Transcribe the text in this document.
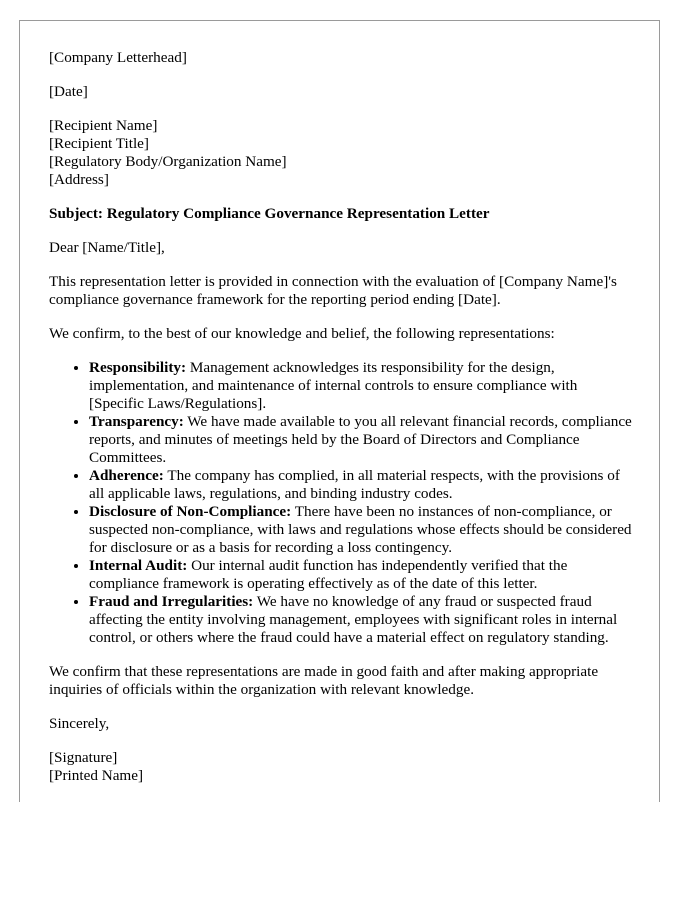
[Company Letterhead]

[Date]

[Recipient Name]

[Recipient Title]

[Regulatory Body/Organization Name]

[Address]

Subject: Regulatory Compliance Governance Representation Letter

Dear [Name/Title],

This representation letter is provided in connection with the evaluation of [Company Name]'s compliance governance framework for the reporting period ending [Date].

We confirm, to the best of our knowledge and belief, the following representations:

• Responsibility: Management acknowledges its responsibility for the design, implementation, and maintenance of internal controls to ensure compliance with [Specific Laws/Regulations].
• Transparency: We have made available to you all relevant financial records, compliance reports, and minutes of meetings held by the Board of Directors and Compliance Committees.
• Adherence: The company has complied, in all material respects, with the provisions of all applicable laws, regulations, and binding industry codes.
• Disclosure of Non-Compliance: There have been no instances of non-compliance, or suspected non-compliance, with laws and regulations whose effects should be considered for disclosure or as a basis for recording a loss contingency.
• Internal Audit: Our internal audit function has independently verified that the compliance framework is operating effectively as of the date of this letter.
• Fraud and Irregularities: We have no knowledge of any fraud or suspected fraud affecting the entity involving management, employees with significant roles in internal control, or others where the fraud could have a material effect on regulatory standing.

We confirm that these representations are made in good faith and after making appropriate inquiries of officials within the organization with relevant knowledge.

Sincerely,

[Signature]

[Printed Name]
